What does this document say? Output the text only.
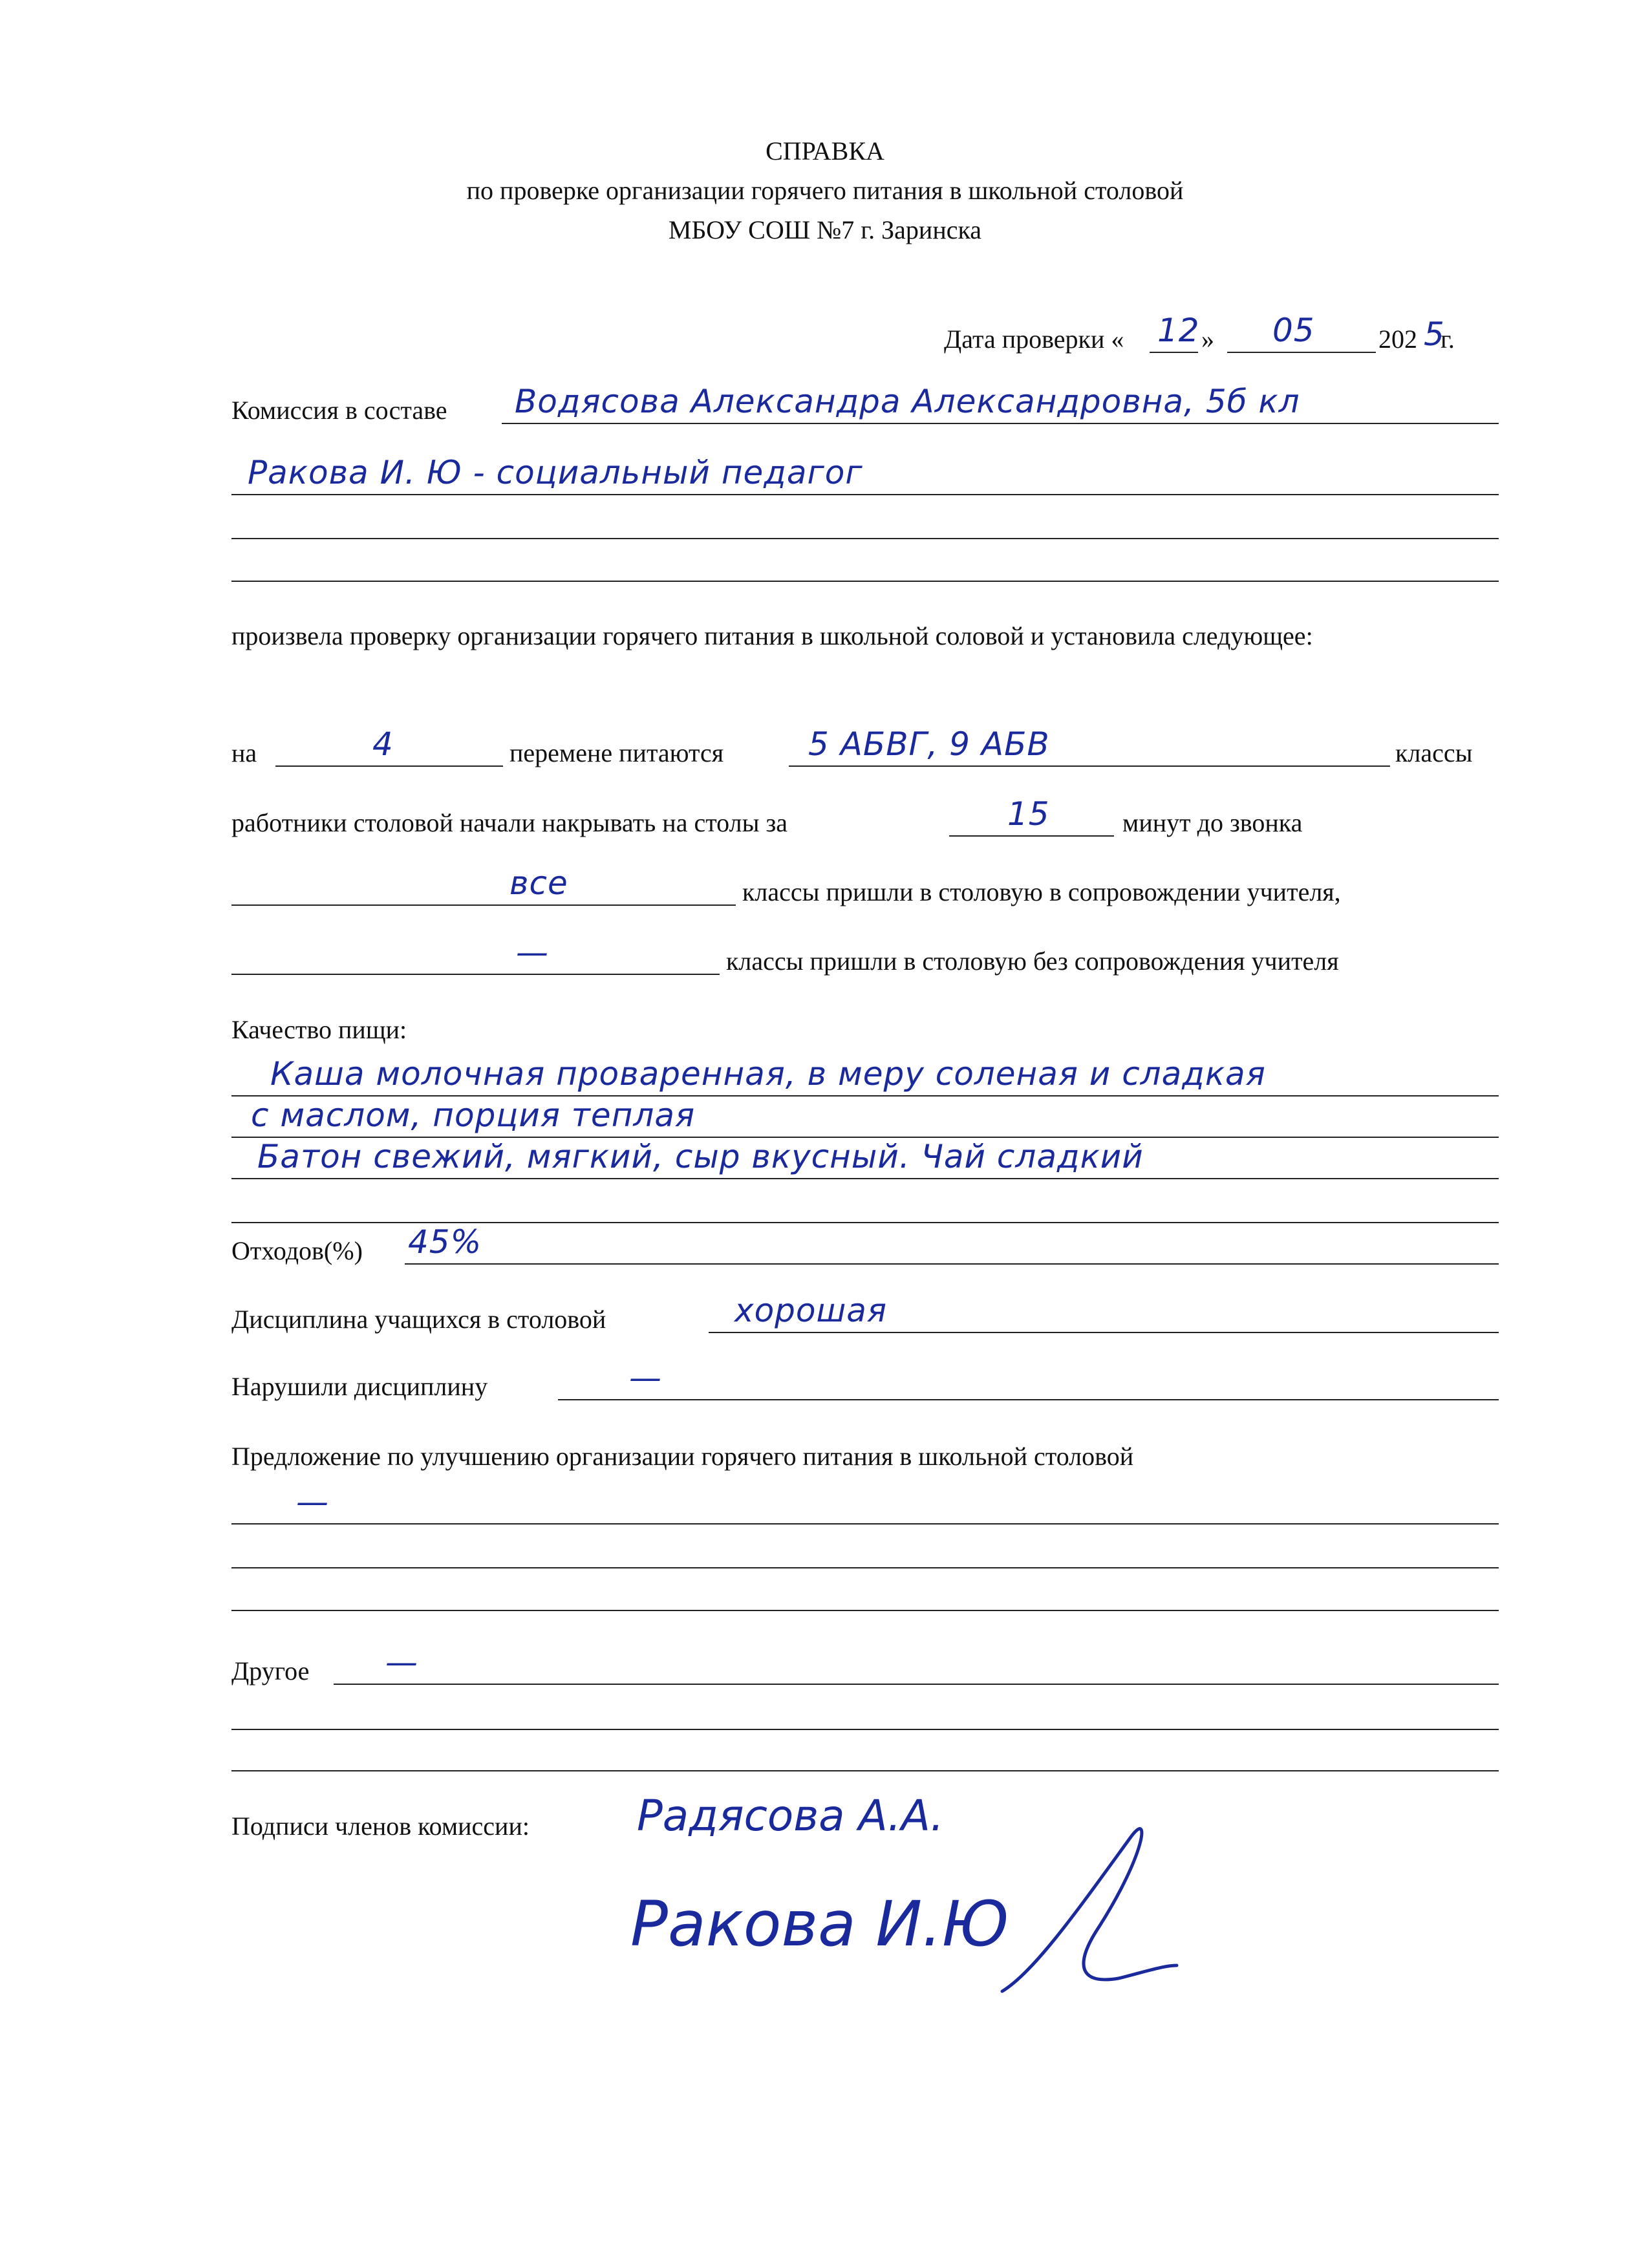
СПРАВКА
по проверке организации горячего питания в школьной столовой
МБОУ СОШ №7 г. Заринска
Дата проверки « 12 » 05 202 5
г.
Комиссия в составе Водясова Александра Александровна, 5б кл
Ракова И. Ю - социальный педагог
произвела проверку организации горячего питания в школьной соловой и установила следующее:
на	4	перемене питаются	5 АБВГ, 9 АБВ	классы
работники столовой начали накрывать на столы за	15	минут до звонка
все	классы пришли в столовую в сопровождении учителя,
—	классы пришли в столовую без сопровождения учителя
Качество пищи:
Каша молочная проваренная, в меру соленая и сладкая
с маслом, порция теплая
Батон свежий, мягкий, сыр вкусный. Чай сладкий
Отходов(%) 45%
Дисциплина учащихся в столовой	хорошая
Нарушили дисциплину	—
Предложение по улучшению организации горячего питания в школьной столовой
—
Другое —
Подписи членов комиссии:	Радясова А.А.
Ракова И.Ю
